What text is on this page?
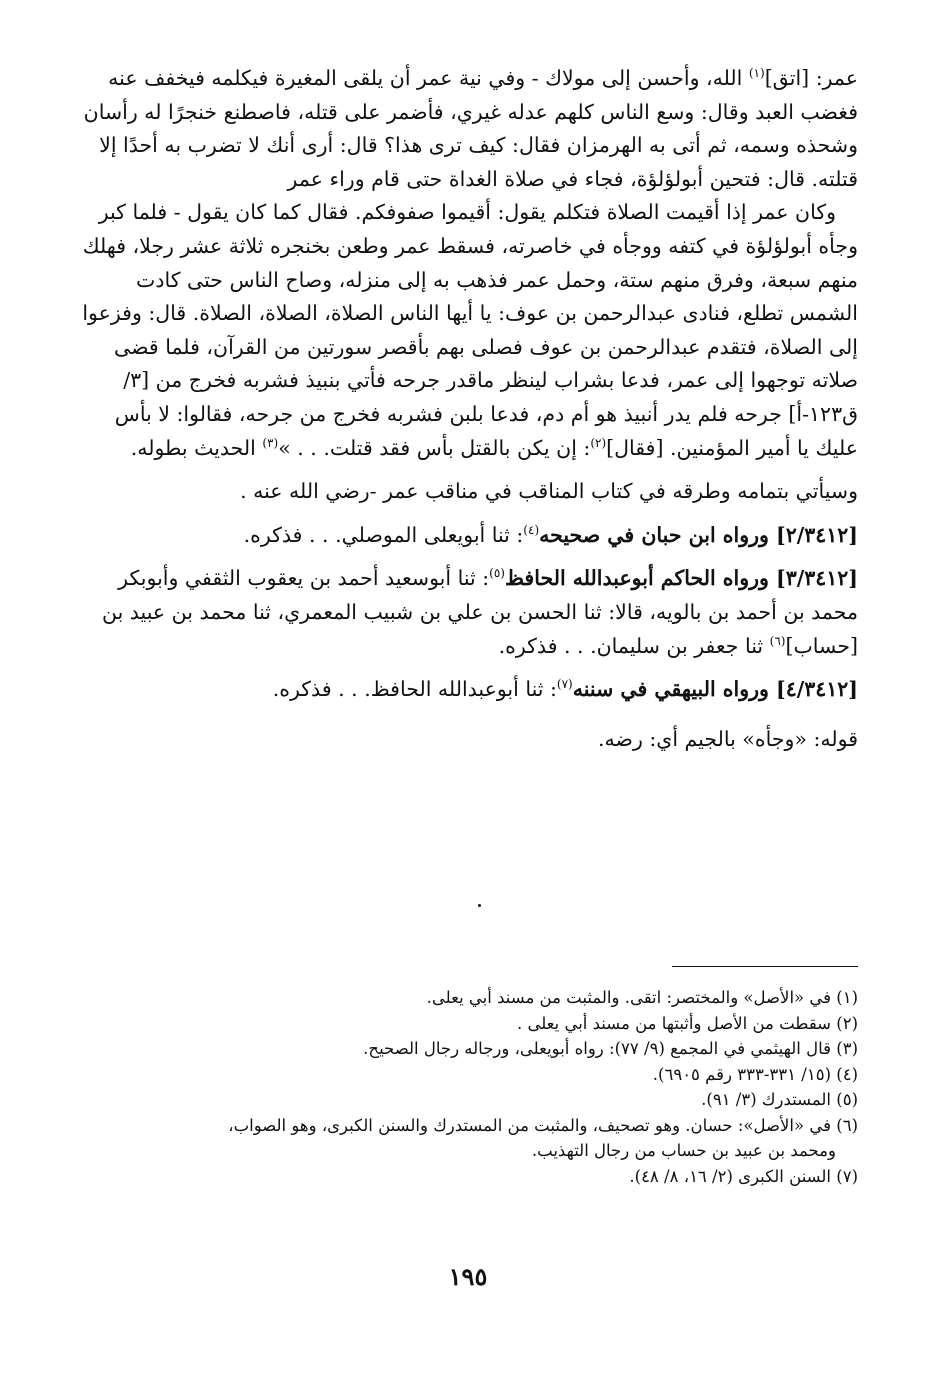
عمر: [اتق]$^{(١)}$ الله، وأحسن إلى مولاك - وفي نية عمر أن يلقى المغيرة فيكلمه فيخفف عنه فغضب العبد وقال: وسع الناس كلهم عدله غيري، فأضمر على قتله، فاصطنع خنجرًا له رأسان وشحذه وسمه، ثم أتى به الهرمزان فقال: كيف ترى هذا؟ قال: أرى أنك لا تضرب به أحدًا إلا قتلته. قال: فتحين أبولؤلؤة، فجاء في صلاة الغداة حتى قام وراء عمر

وكان عمر إذا أقيمت الصلاة فتكلم يقول: أقيموا صفوفكم. فقال كما كان يقول - فلما كبر وجأه أبولؤلؤة في كتفه ووجأه في خاصرته، فسقط عمر وطعن بخنجره ثلاثة عشر رجلا، فهلك منهم سبعة، وفرق منهم ستة، وحمل عمر فذهب به إلى منزله، وصاح الناس حتى كادت الشمس تطلع، فنادى عبدالرحمن بن عوف: يا أيها الناس الصلاة، الصلاة، الصلاة. قال: وفزعوا إلى الصلاة، فتقدم عبدالرحمن بن عوف فصلى بهم بأقصر سورتين من القرآن، فلما قضى صلاته توجهوا إلى عمر، فدعا بشراب لينظر ماقدر جرحه فأتي بنبيذ فشربه فخرج من [٣/ق١٢٣-أ] جرحه فلم يدر أنبيذ هو أم دم، فدعا بلبن فشربه فخرج من جرحه، فقالوا: لا بأس عليك يا أمير المؤمنين. [فقال]$^{(٢)}$: إن يكن بالقتل بأس فقد قتلت. . . »$^{(٣)}$ الحديث بطوله.

وسيأتي بتمامه وطرقه في كتاب المناقب في مناقب عمر -رضي الله عنه .

[٢/٣٤١٢] ورواه ابن حبان في صحيحه$^{(٤)}$: ثنا أبويعلى الموصلي. . . فذكره.

[٣/٣٤١٢] ورواه الحاكم أبوعبدالله الحافظ$^{(٥)}$: ثنا أبوسعيد أحمد بن يعقوب الثقفي وأبوبكر محمد بن أحمد بن بالويه، قالا: ثنا الحسن بن علي بن شبيب المعمري، ثنا محمد بن عبيد بن [حساب]$^{(٦)}$ ثنا جعفر بن سليمان. . . فذكره.

[٤/٣٤١٢] ورواه البيهقي في سننه$^{(٧)}$: ثنا أبوعبدالله الحافظ. . . فذكره.

قوله: «وجأه» بالجيم أي: رضه.

(١) في «الأصل» والمختصر: اتقى. والمثبت من مسند أبي يعلى.

(٢) سقطت من الأصل وأثبتها من مسند أبي يعلى .

(٣) قال الهيثمي في المجمع (٩/ ٧٧): رواه أبويعلى، ورجاله رجال الصحيح.

(٤) (١٥/ ٣٣١-٣٣٣ رقم ٦٩٠٥).

(٥) المستدرك (٣/ ٩١).

(٦) في «الأصل»: حسان. وهو تصحيف، والمثبت من المستدرك والسنن الكبرى، وهو الصواب،

ومحمد بن عبيد بن حساب من رجال التهذيب.

(٧) السنن الكبرى (٢/ ١٦، ٨/ ٤٨).

١٩٥
